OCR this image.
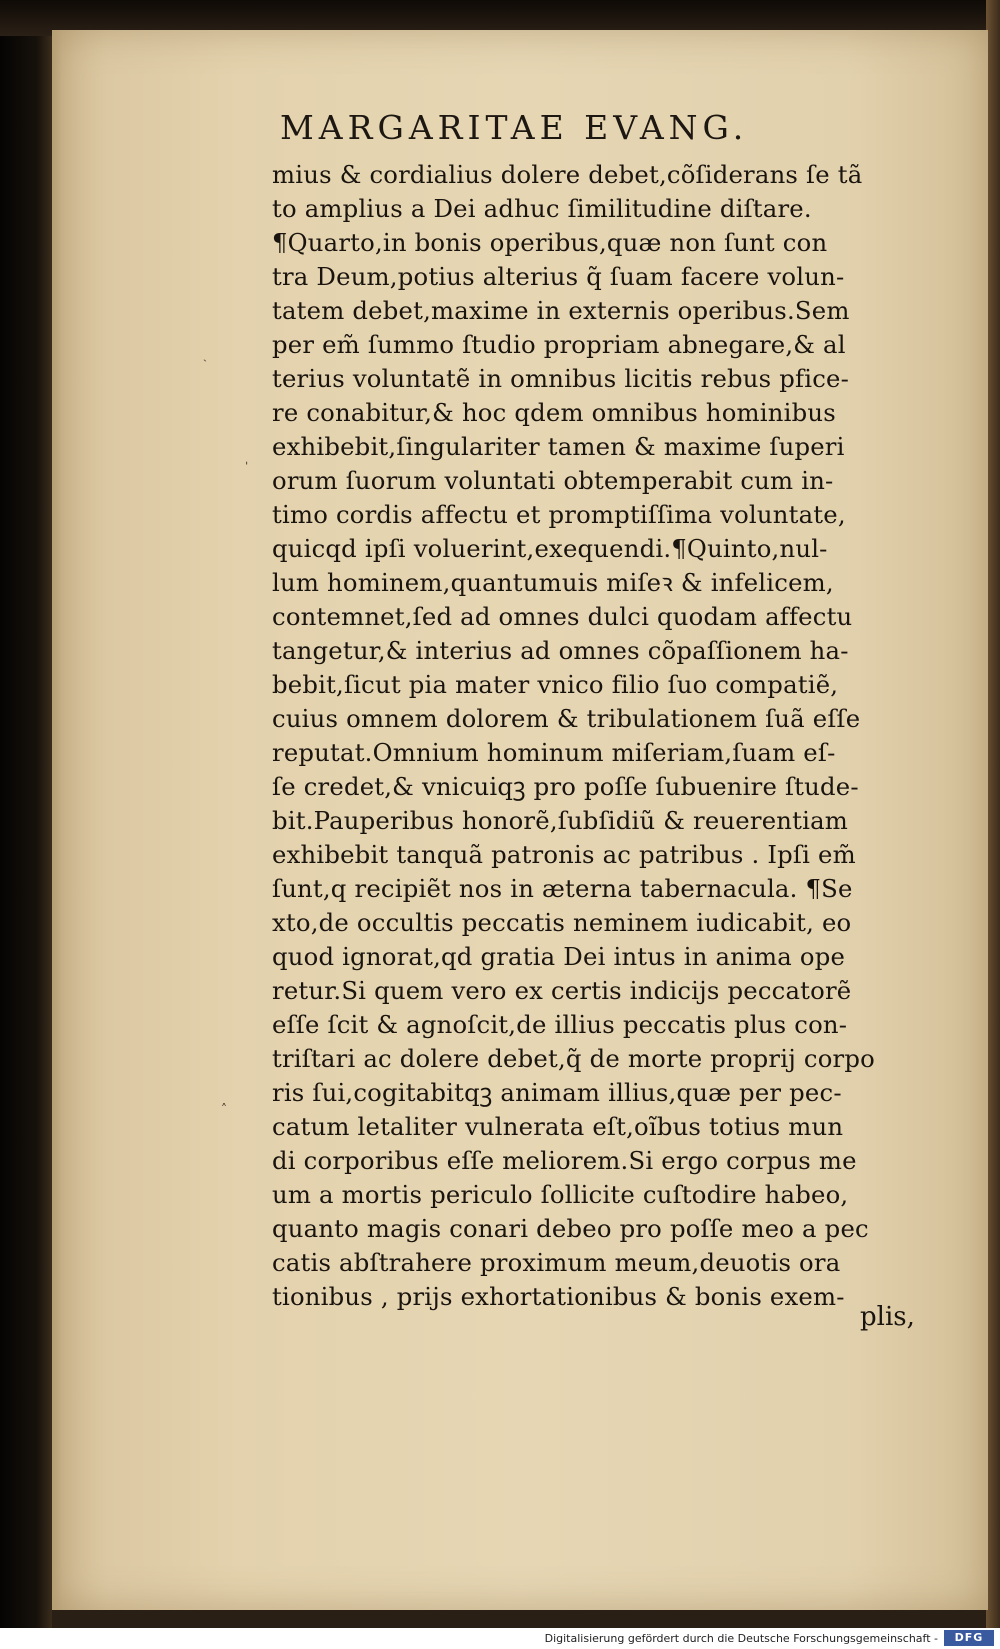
MARGARITAE EVANG.
mius & cordialius dolere debet,cõſiderans ſe tã
to amplius a Dei adhuc ſimilitudine diſtare.
¶Quarto,in bonis operibus,quæ non ſunt con
tra Deum,potius alterius q̃ ſuam facere volun-
tatem debet,maxime in externis operibus.Sem
per em̃ ſummo ſtudio propriam abnegare,& al
terius voluntatẽ in omnibus licitis rebus pfice-
re conabitur,& hoc qdem omnibus hominibus
exhibebit,ſingulariter tamen & maxime ſuperi
orum ſuorum voluntati obtemperabit cum in-
timo cordis affectu et promptiſſima voluntate,
quicqd ipſi voluerint,exequendi.¶Quinto,nul-
lum hominem,quantumuis miſeꝛ & infelicem,
contemnet,ſed ad omnes dulci quodam affectu
tangetur,& interius ad omnes cõpaſſionem ha-
bebit,ſicut pia mater vnico filio ſuo compatiẽ,
cuius omnem dolorem & tribulationem ſuã eſſe
reputat.Omnium hominum miſeriam,ſuam eſ-
ſe credet,& vnicuiqꝫ pro poſſe ſubuenire ſtude-
bit.Pauperibus honorẽ,ſubſidiũ & reuerentiam
exhibebit tanquã patronis ac patribus . Ipſi em̃
ſunt,q recipiẽt nos in æterna tabernacula. ¶Se
xto,de occultis peccatis neminem iudicabit, eo
quod ignorat,qd gratia Dei intus in anima ope
retur.Si quem vero ex certis indicijs peccatorẽ
eſſe ſcit & agnoſcit,de illius peccatis plus con-
triſtari ac dolere debet,q̃ de morte proprij corpo
ris ſui,cogitabitqꝫ animam illius,quæ per pec-
catum letaliter vulnerata eſt,oĩbus totius mun
di corporibus eſſe meliorem.Si ergo corpus me
um a mortis periculo ſollicite cuſtodire habeo,
quanto magis conari debeo pro poſſe meo a pec
catis abſtrahere proximum meum,deuotis ora
tionibus , prijs exhortationibus & bonis exem-
plis,
ˏ
ˌ
˄
Digitalisierung gefördert durch die Deutsche Forschungsgemeinschaft -	DFG
